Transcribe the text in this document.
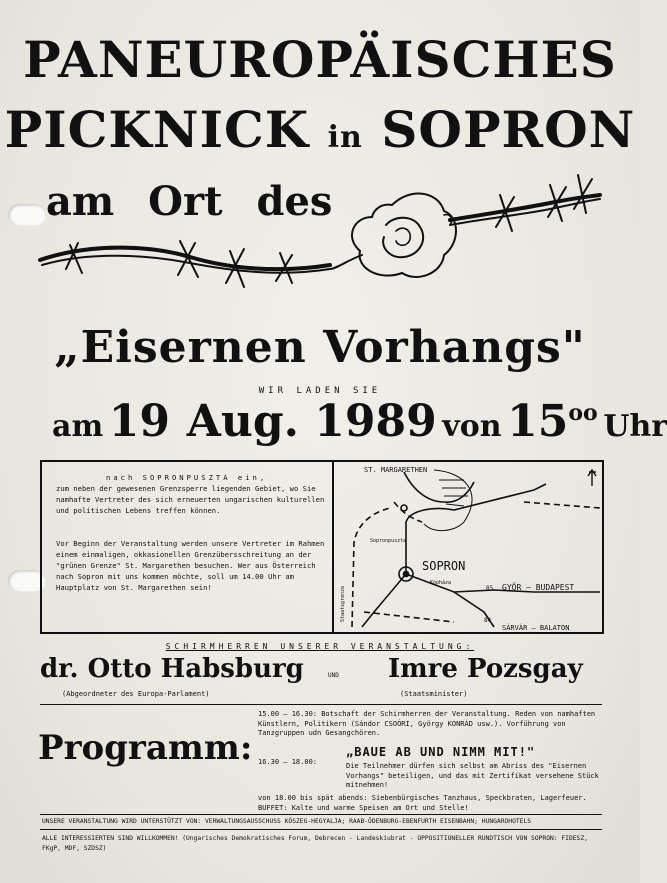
PANEUROPÄISCHES
PICKNICK in SOPRON
am Ort des
„Eisernen Vorhangs"
WIR LADEN SIE
am 19 Aug. 1989 von 15oo Uhr
nach SOPRONPUSZTA ein,
zum neben der gewesenen Grenzsperre liegenden Gebiet, wo Sie namhafte Vertreter des sich erneuerten ungarischen kulturellen und politischen Lebens treffen können.
Vor Beginn der Veranstaltung werden unsere Vertreter im Rahmen einem einmaligen, okkasionellen Grenzübersschreitung an der "grünen Grenze" St. Margarethen besuchen. Wer aus Österreich nach Sopron mit uns kommen möchte, soll um 14.00 Uhr am Hauptplatz von St. Margarethen sein!
ST. MARGARETHEN
SOPRON
Sopronpuszta
GYŐR – BUDAPEST
SÁRVÁR – BALATON
85
84
Kópháza
Staatsgrenze
SCHIRMHERREN UNSERER VERANSTALTUNG:
dr. Otto Habsburg	UND Imre Pozsgay
(Abgeordneter des Europa-Parlament)	(Staatsminister)
Programm:
15.00 – 16.30: Botschaft der Schirmherren der Veranstaltung. Reden von namhaften Künstlern, Politikern (Sándor CSOÓRI, György KONRÁD usw.). Vorführung von Tanzgruppen udn Gesangchören.
16.30 – 18.00:
„BAUE AB UND NIMM MIT!"
Die Teilnehmer dürfen sich selbst am Abriss des "Eisernen Vorhangs" beteiligen, und das mit Zertifikat versehene Stück mitnehmen!
von 18.00 bis spät abends: Siebenbürgisches Tanzhaus, Speckbraten, Lagerfeuer. BUFFET: Kalte und warme Speisen am Ort und Stelle!
UNSERE VERANSTALTUNG WIRD UNTERSTÜTZT VON: VERWALTUNGSAUSSCHUSS KŐSZEG-HEGYALJA; RAAB-ÖDENBURG-EBENFURTH EISENBAHN; HUNGAROHOTELS
ALLE INTERESSIERTEN SIND WILLKOMMEN! (Ungarisches Demokratisches Forum, Debrecen - Landeskiubrat - OPPOSITIONELLER RUNDTISCH VON SOPRON: FIDESZ, FKgP, MDF, SZDSZ)
